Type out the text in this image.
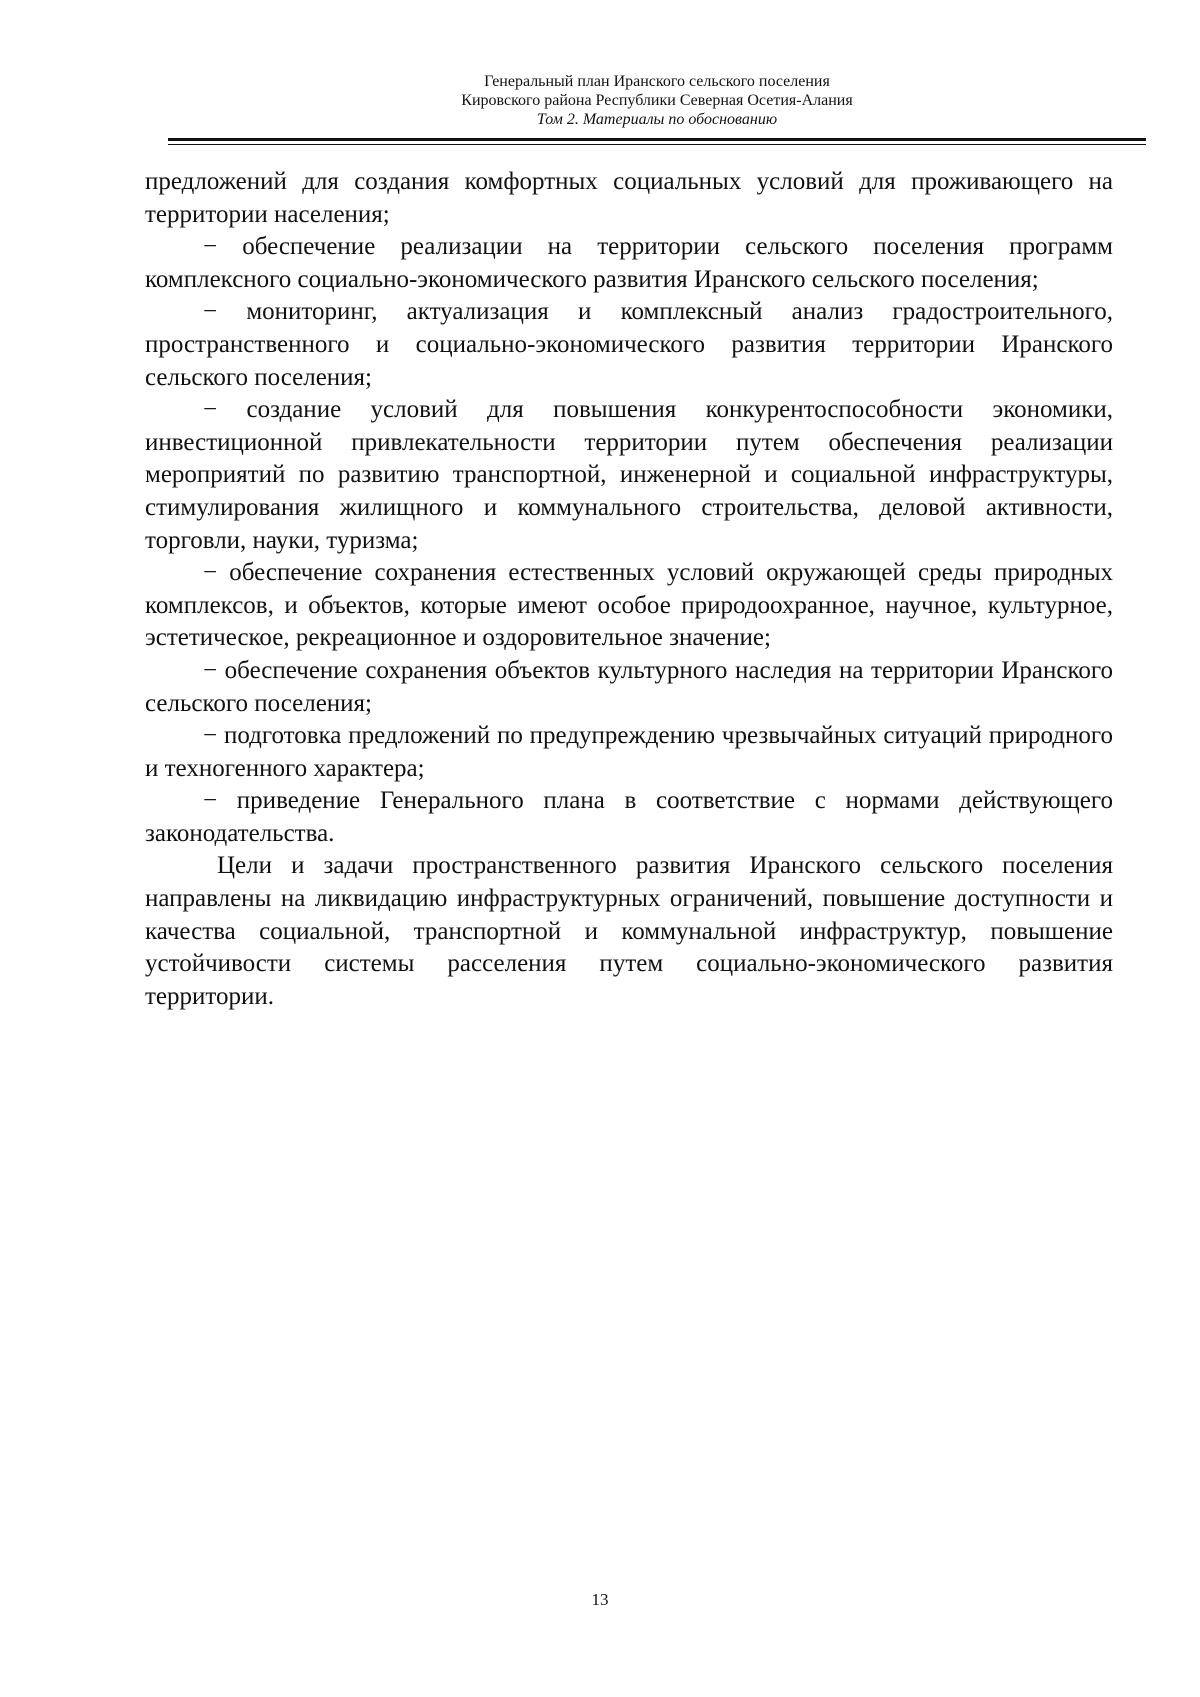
Генеральный план Иранского сельского поселения
Кировского района Республики Северная Осетия-Алания
Том 2. Материалы по обоснованию

предложений для создания комфортных социальных условий для проживающего на территории населения;

− обеспечение реализации на территории сельского поселения программ комплексного социально-экономического развития Иранского сельского поселения;

− мониторинг, актуализация и комплексный анализ градостроительного, пространственного и социально-экономического развития территории Иранского сельского поселения;

− создание условий для повышения конкурентоспособности экономики, инвестиционной привлекательности территории путем обеспечения реализации мероприятий по развитию транспортной, инженерной и социальной инфраструктуры, стимулирования жилищного и коммунального строительства, деловой активности, торговли, науки, туризма;

− обеспечение сохранения естественных условий окружающей среды природных комплексов, и объектов, которые имеют особое природоохранное, научное, культурное, эстетическое, рекреационное и оздоровительное значение;

− обеспечение сохранения объектов культурного наследия на территории Иранского сельского поселения;

− подготовка предложений по предупреждению чрезвычайных ситуаций природного и техногенного характера;

− приведение Генерального плана в соответствие с нормами действующего законодательства.

Цели и задачи пространственного развития Иранского сельского поселения направлены на ликвидацию инфраструктурных ограничений, повышение доступности и качества социальной, транспортной и коммунальной инфраструктур, повышение устойчивости системы расселения путем социально-экономического развития территории.

13
